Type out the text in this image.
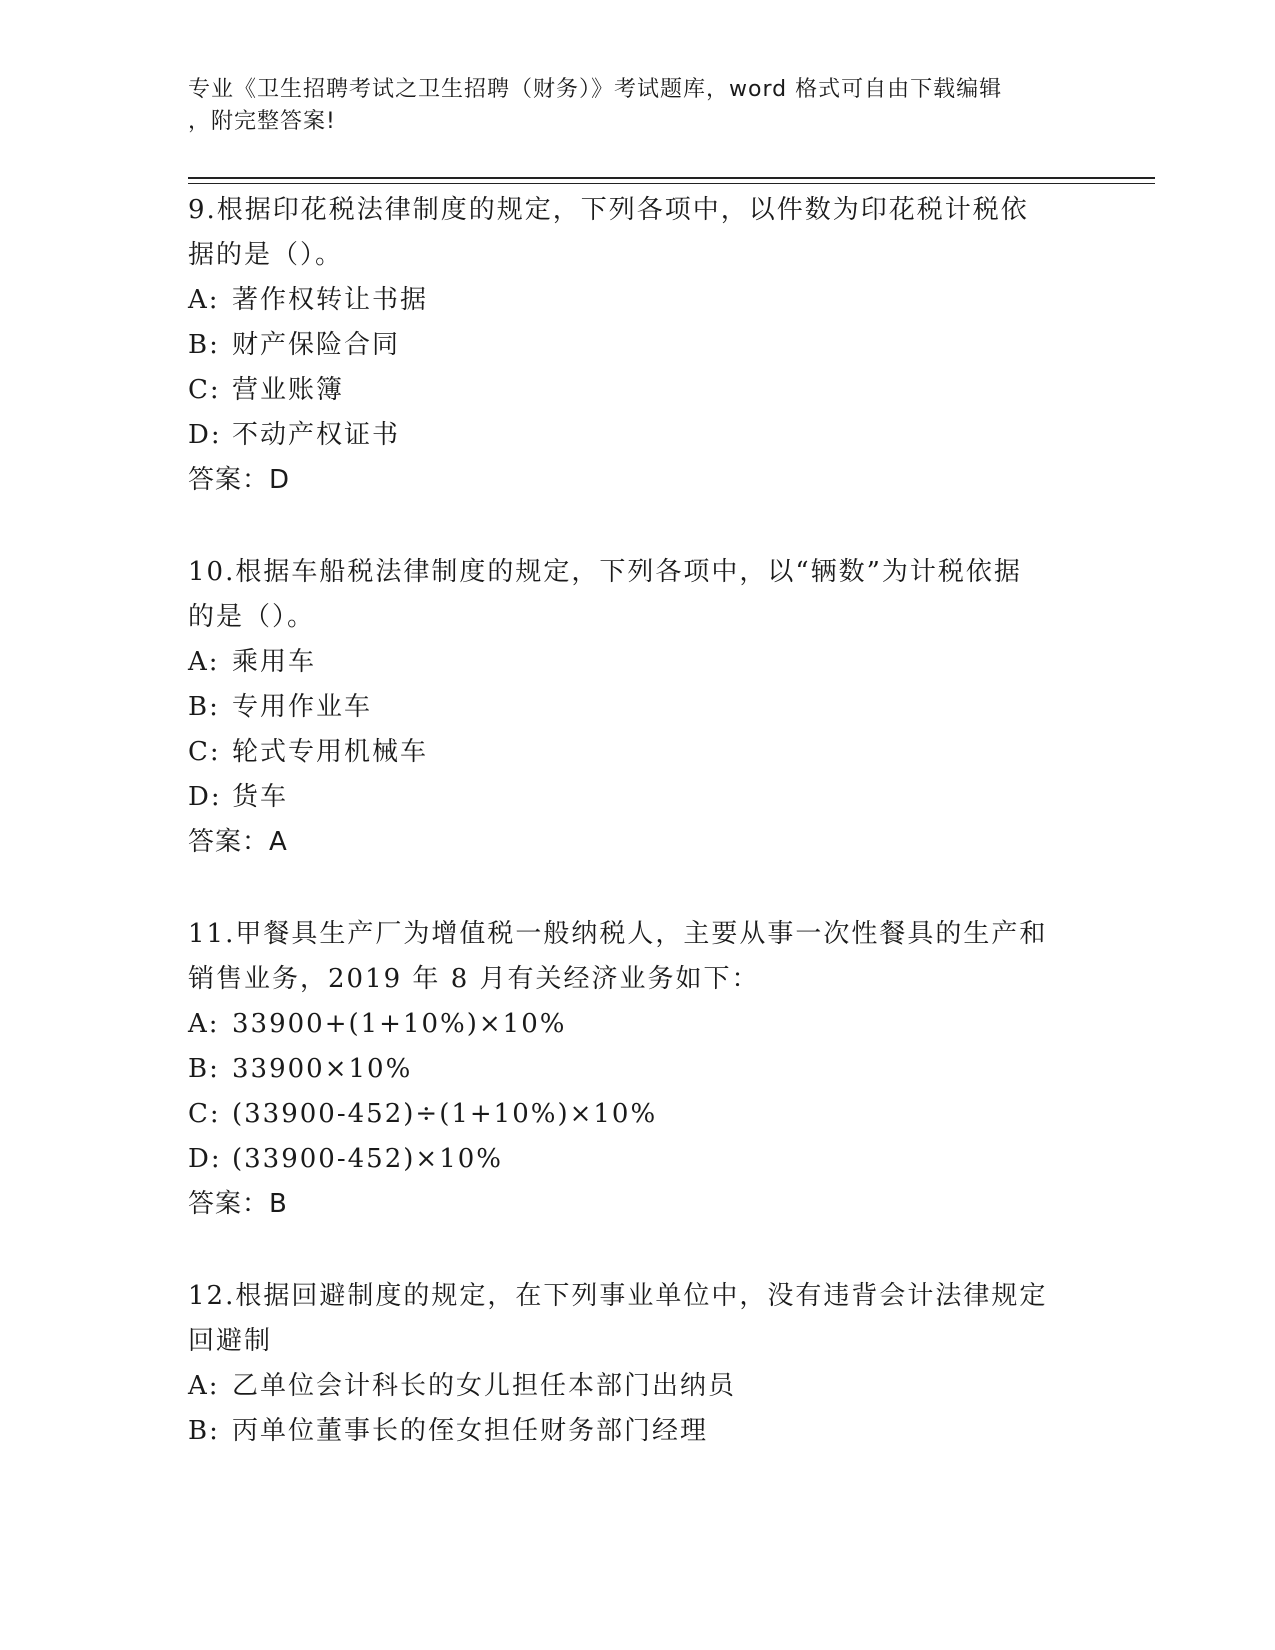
专业《卫生招聘考试之卫生招聘（财务）》考试题库，word 格式可自由下载编辑
，附完整答案!
9.根据印花税法律制度的规定，下列各项中，以件数为印花税计税依
据的是（）。
A: 著作权转让书据
B: 财产保险合同
C: 营业账簿
D: 不动产权证书
答案：D
10.根据车船税法律制度的规定，下列各项中，以“辆数”为计税依据
的是（）。
A: 乘用车
B: 专用作业车
C: 轮式专用机械车
D: 货车
答案：A
11.甲餐具生产厂为增值税一般纳税人，主要从事一次性餐具的生产和
销售业务，2019 年 8 月有关经济业务如下：
A: 33900+(1+10%)×10%
B: 33900×10%
C: (33900-452)÷(1+10%)×10%
D: (33900-452)×10%
答案：B
12.根据回避制度的规定，在下列事业单位中，没有违背会计法律规定
回避制
A: 乙单位会计科长的女儿担任本部门出纳员
B: 丙单位董事长的侄女担任财务部门经理
